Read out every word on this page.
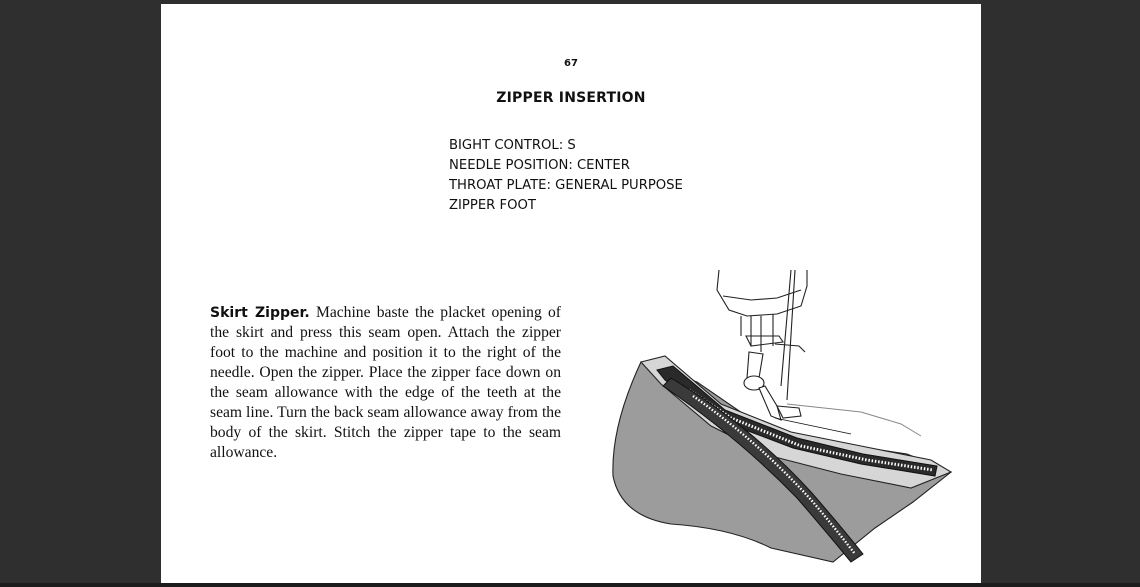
67
ZIPPER INSERTION
BIGHT CONTROL: S
NEEDLE POSITION: CENTER
THROAT PLATE: GENERAL PURPOSE
ZIPPER FOOT
Skirt Zipper. Machine baste the placket opening of the skirt and press this seam open. Attach the zipper foot to the machine and position it to the right of the needle. Open the zipper. Place the zipper face down on the seam allowance with the edge of the teeth at the seam line. Turn the back seam allowance away from the body of the skirt. Stitch the zipper tape to the seam allowance.
